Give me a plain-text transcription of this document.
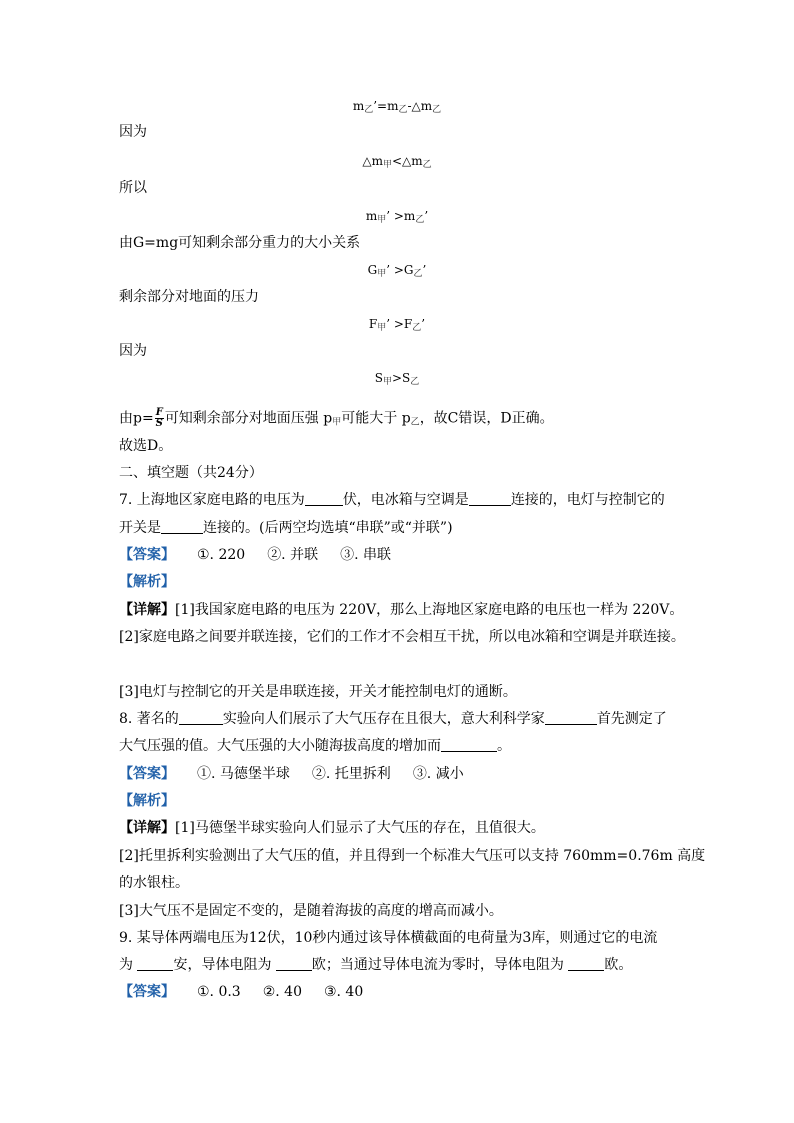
$m_乙’=m_乙-\triangle m_乙$
因为
$\triangle m_甲<\triangle m_乙$
所以
$m_甲$’ $>m_乙$’
由G=mg可知剩余部分重力的大小关系
$G_甲$’ $>G_乙$’
剩余部分对地面的压力
$F_甲$’ $>F_乙$’
因为
$S_甲>S_乙$
由$p= \frac{F}{S}$ 可知剩余部分对地面压强 $p_甲$可能大于 $p_乙$，故C错误，D正确。
故选D。
二、填空题（共24分）
7. 上海地区家庭电路的电压为	伏，电冰箱与空调是	连接的，电灯与控制它的
开关是	连接的。(后两空均选填“串联”或“并联”)
【答案】 ①. 220 ②. 并联 ③. 串联
【解析】
【详解】[1]我国家庭电路的电压为 220V，那么上海地区家庭电路的电压也一样为 220V。
[2]家庭电路之间要并联连接，它们的工作才不会相互干扰，所以电冰箱和空调是并联连接。
[3]电灯与控制它的开关是串联连接，开关才能控制电灯的通断。
8. 著名的	实验向人们展示了大气压存在且很大，意大利科学家	首先测定了
大气压强的值。大气压强的大小随海拔高度的增加而	。
【答案】 ①. 马德堡半球 ②. 托里拆利 ③. 减小
【解析】
【详解】[1]马德堡半球实验向人们显示了大气压的存在，且值很大。
[2]托里拆利实验测出了大气压的值，并且得到一个标准大气压可以支持 760mm=0.76m 高度
的水银柱。
[3]大气压不是固定不变的，是随着海拔的高度的增高而减小。
9. 某导体两端电压为12伏，10秒内通过该导体横截面的电荷量为3库，则通过它的电流
为	安，导体电阻为	欧；当通过导体电流为零时，导体电阻为	欧。
【答案】 ①. 0.3 ②. 40 ③. 40
